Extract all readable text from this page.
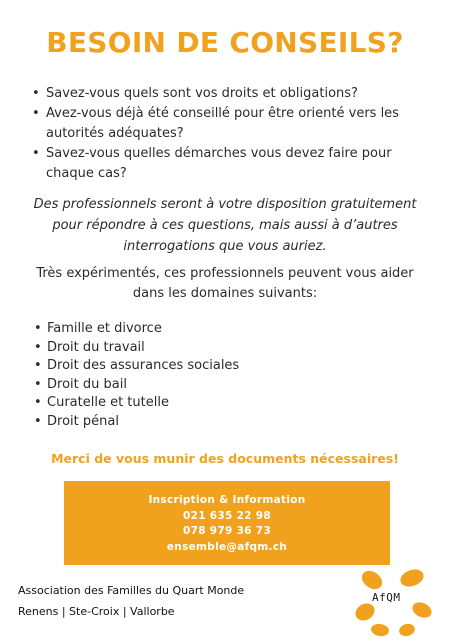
BESOIN DE CONSEILS?
• Savez-vous quels sont vos droits et obligations?
• Avez-vous déjà été conseillé pour être orienté vers les autorités adéquates?
• Savez-vous quelles démarches vous devez faire pour chaque cas?
Des professionnels seront à votre disposition gratuitement pour répondre à ces questions, mais aussi à d’autres interrogations que vous auriez.
Très expérimentés, ces professionnels peuvent vous aider dans les domaines suivants:
• Famille et divorce
• Droit du travail
• Droit des assurances sociales
• Droit du bail
• Curatelle et tutelle
• Droit pénal
Merci de vous munir des documents nécessaires!
Inscription & Information
021 635 22 98
078 979 36 73
ensemble@afqm.ch
Association des Familles du Quart Monde
Renens | Ste-Croix | Vallorbe
AfQM
